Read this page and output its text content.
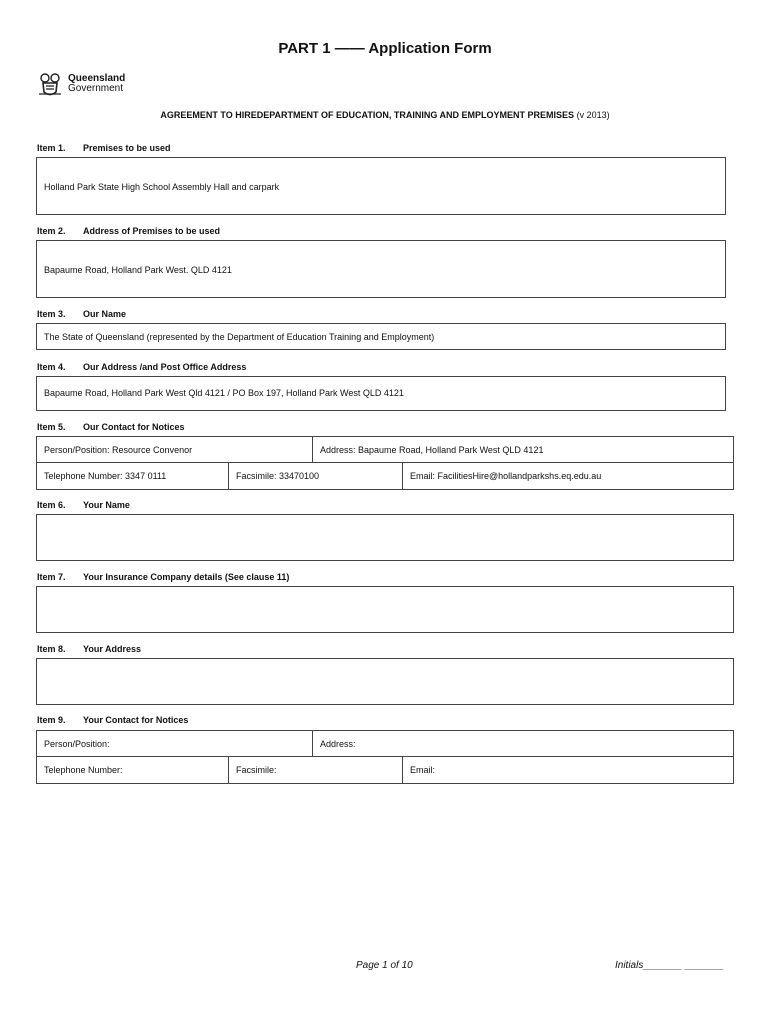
PART 1 —— Application Form
Queensland
Government
AGREEMENT TO HIREDEPARTMENT OF EDUCATION, TRAINING AND EMPLOYMENT PREMISES (v 2013)
Item 1. Premises to be used
Holland Park State High School Assembly Hall and carpark
Item 2. Address of Premises to be used
Bapaume Road, Holland Park West. QLD 4121
Item 3. Our Name
The State of Queensland (represented by the Department of Education Training and Employment)
Item 4. Our Address /and Post Office Address
Bapaume Road, Holland Park West Qld 4121 / PO Box 197, Holland Park West QLD 4121
Item 5. Our Contact for Notices
Person/Position: Resource Convenor	Address: Bapaume Road, Holland Park West QLD 4121
Telephone Number: 3347 0111	Facsimile: 33470100	Email: FacilitiesHire@hollandparkshs.eq.edu.au
Item 6. Your Name
Item 7. Your Insurance Company details (See clause 11)
Item 8. Your Address
Item 9. Your Contact for Notices
Person/Position:	Address:
Telephone Number:	Facsimile:	Email:
Page 1 of 10	Initials_______ _______
